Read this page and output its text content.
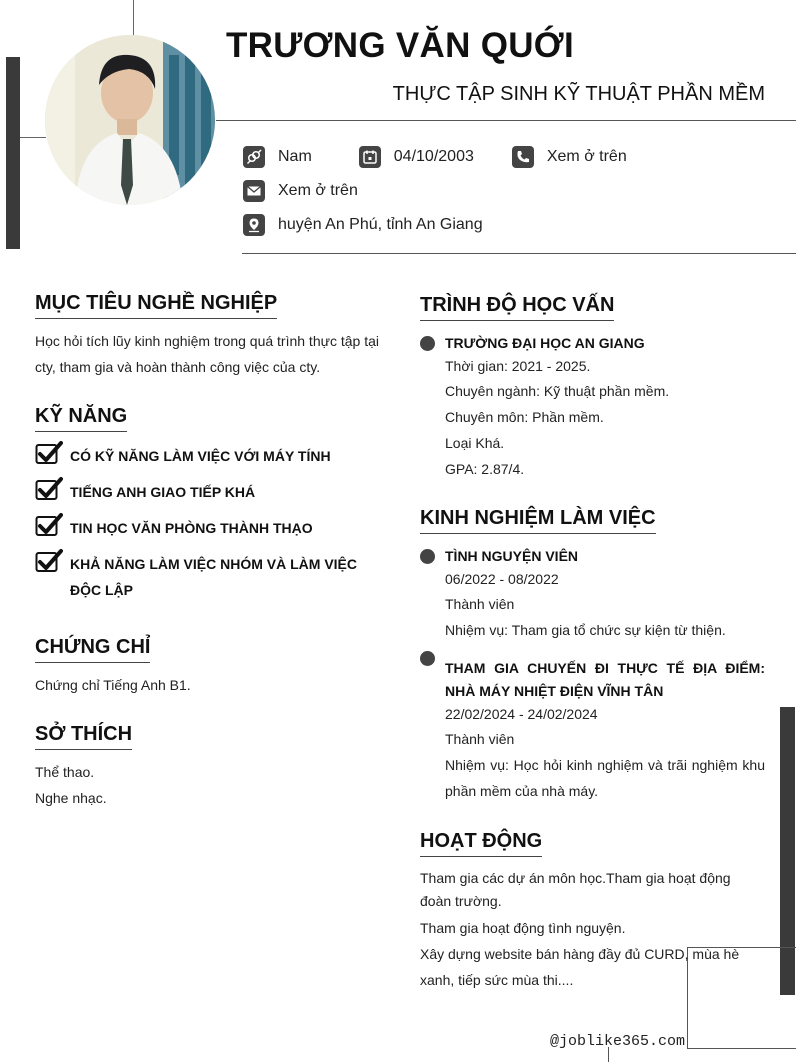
TRƯƠNG VĂN QUỚI
THỰC TẬP SINH KỸ THUẬT PHẦN MỀM
Nam	04/10/2003	Xem ở trên
Xem ở trên
huyện An Phú, tỉnh An Giang
MỤC TIÊU NGHỀ NGHIỆP
Học hỏi tích lũy kinh nghiệm trong quá trình thực tập tại cty, tham gia và hoàn thành công việc của cty.
KỸ NĂNG
CÓ KỸ NĂNG LÀM VIỆC VỚI MÁY TÍNH
TIẾNG ANH GIAO TIẾP KHÁ
TIN HỌC VĂN PHÒNG THÀNH THẠO
KHẢ NĂNG LÀM VIỆC NHÓM VÀ LÀM VIỆC ĐỘC LẬP
CHỨNG CHỈ
Chứng chỉ Tiếng Anh B1.
SỞ THÍCH
Thể thao.
Nghe nhạc.
TRÌNH ĐỘ HỌC VẤN
TRƯỜNG ĐẠI HỌC AN GIANG
Thời gian: 2021 - 2025.
Chuyên ngành: Kỹ thuật phần mềm.
Chuyên môn: Phần mềm.
Loại Khá.
GPA: 2.87/4.
KINH NGHIỆM LÀM VIỆC
TÌNH NGUYỆN VIÊN
06/2022 - 08/2022
Thành viên
Nhiệm vụ: Tham gia tổ chức sự kiện từ thiện.
THAM GIA CHUYẾN ĐI THỰC TẾ ĐỊA ĐIỂM: NHÀ MÁY NHIỆT ĐIỆN VĨNH TÂN
22/02/2024 - 24/02/2024
Thành viên
Nhiệm vụ: Học hỏi kinh nghiệm và trãi nghiệm khu phần mềm của nhà máy.
HOẠT ĐỘNG
Tham gia các dự án môn học.Tham gia hoạt động đoàn trường.
Tham gia hoạt động tình nguyện.
Xây dựng website bán hàng đầy đủ CURD, mùa hè xanh, tiếp sức mùa thi....
@joblike365.com
